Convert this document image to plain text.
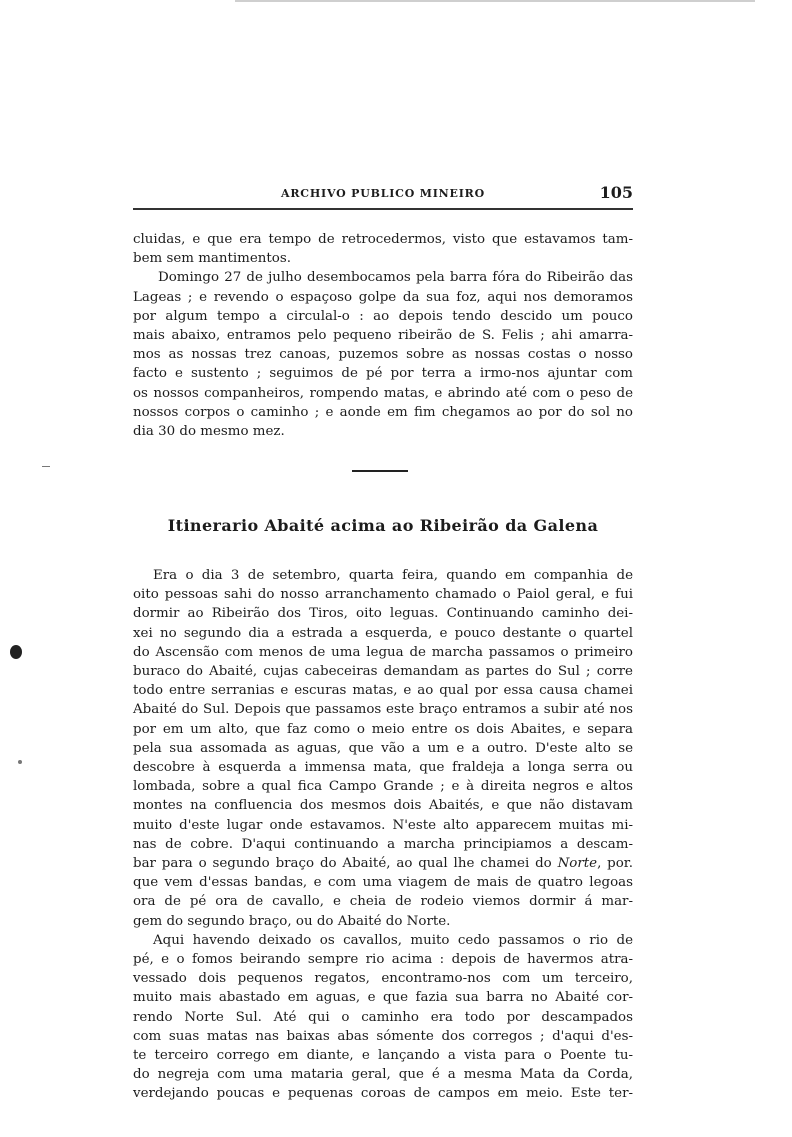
ARCHIVO PUBLICO MINEIRO	105
cluidas, e que era tempo de retrocedermos, visto que estavamos tam-
bem sem mantimentos.
Domingo 27 de julho desembocamos pela barra fóra do Ribeirão das
Lageas ; e revendo o espaçoso golpe da sua foz, aqui nos demoramos
por algum tempo a circulal-o : ao depois tendo descido um pouco
mais abaixo, entramos pelo pequeno ribeirão de S. Felis ; ahi amarra-
mos as nossas trez canoas, puzemos sobre as nossas costas o nosso
facto e sustento ; seguimos de pé por terra a irmo-nos ajuntar com
os nossos companheiros, rompendo matas, e abrindo até com o peso de
nossos corpos o caminho ; e aonde em fim chegamos ao por do sol no
dia 30 do mesmo mez.
Itinerario Abaité acima ao Ribeirão da Galena
Era o dia 3 de setembro, quarta feira, quando em companhia de
oito pessoas sahi do nosso arranchamento chamado o Paiol geral, e fui
dormir ao Ribeirão dos Tiros, oito leguas. Continuando caminho dei-
xei no segundo dia a estrada a esquerda, e pouco destante o quartel
do Ascensão com menos de uma legua de marcha passamos o primeiro
buraco do Abaité, cujas cabeceiras demandam as partes do Sul ; corre
todo entre serranias e escuras matas, e ao qual por essa causa chamei
Abaité do Sul. Depois que passamos este braço entramos a subir até nos
por em um alto, que faz como o meio entre os dois Abaites, e separa
pela sua assomada as aguas, que vão a um e a outro. D'este alto se
descobre à esquerda a immensa mata, que fraldeja a longa serra ou
lombada, sobre a qual fica Campo Grande ; e à direita negros e altos
montes na confluencia dos mesmos dois Abaités, e que não distavam
muito d'este lugar onde estavamos. N'este alto apparecem muitas mi-
nas de cobre. D'aqui continuando a marcha principiamos a descam-
bar para o segundo braço do Abaité, ao qual lhe chamei do Norte, por.
que vem d'essas bandas, e com uma viagem de mais de quatro legoas
ora de pé ora de cavallo, e cheia de rodeio viemos dormir á mar-
gem do segundo braço, ou do Abaité do Norte.
Aqui havendo deixado os cavallos, muito cedo passamos o rio de
pé, e o fomos beirando sempre rio acima : depois de havermos atra-
vessado dois pequenos regatos, encontramo-nos com um terceiro,
muito mais abastado em aguas, e que fazia sua barra no Abaité cor-
rendo Norte Sul. Até qui o caminho era todo por descampados
com suas matas nas baixas abas sómente dos corregos ; d'aqui d'es-
te terceiro corrego em diante, e lançando a vista para o Poente tu-
do negreja com uma mataria geral, que é a mesma Mata da Corda,
verdejando poucas e pequenas coroas de campos em meio. Este ter-
